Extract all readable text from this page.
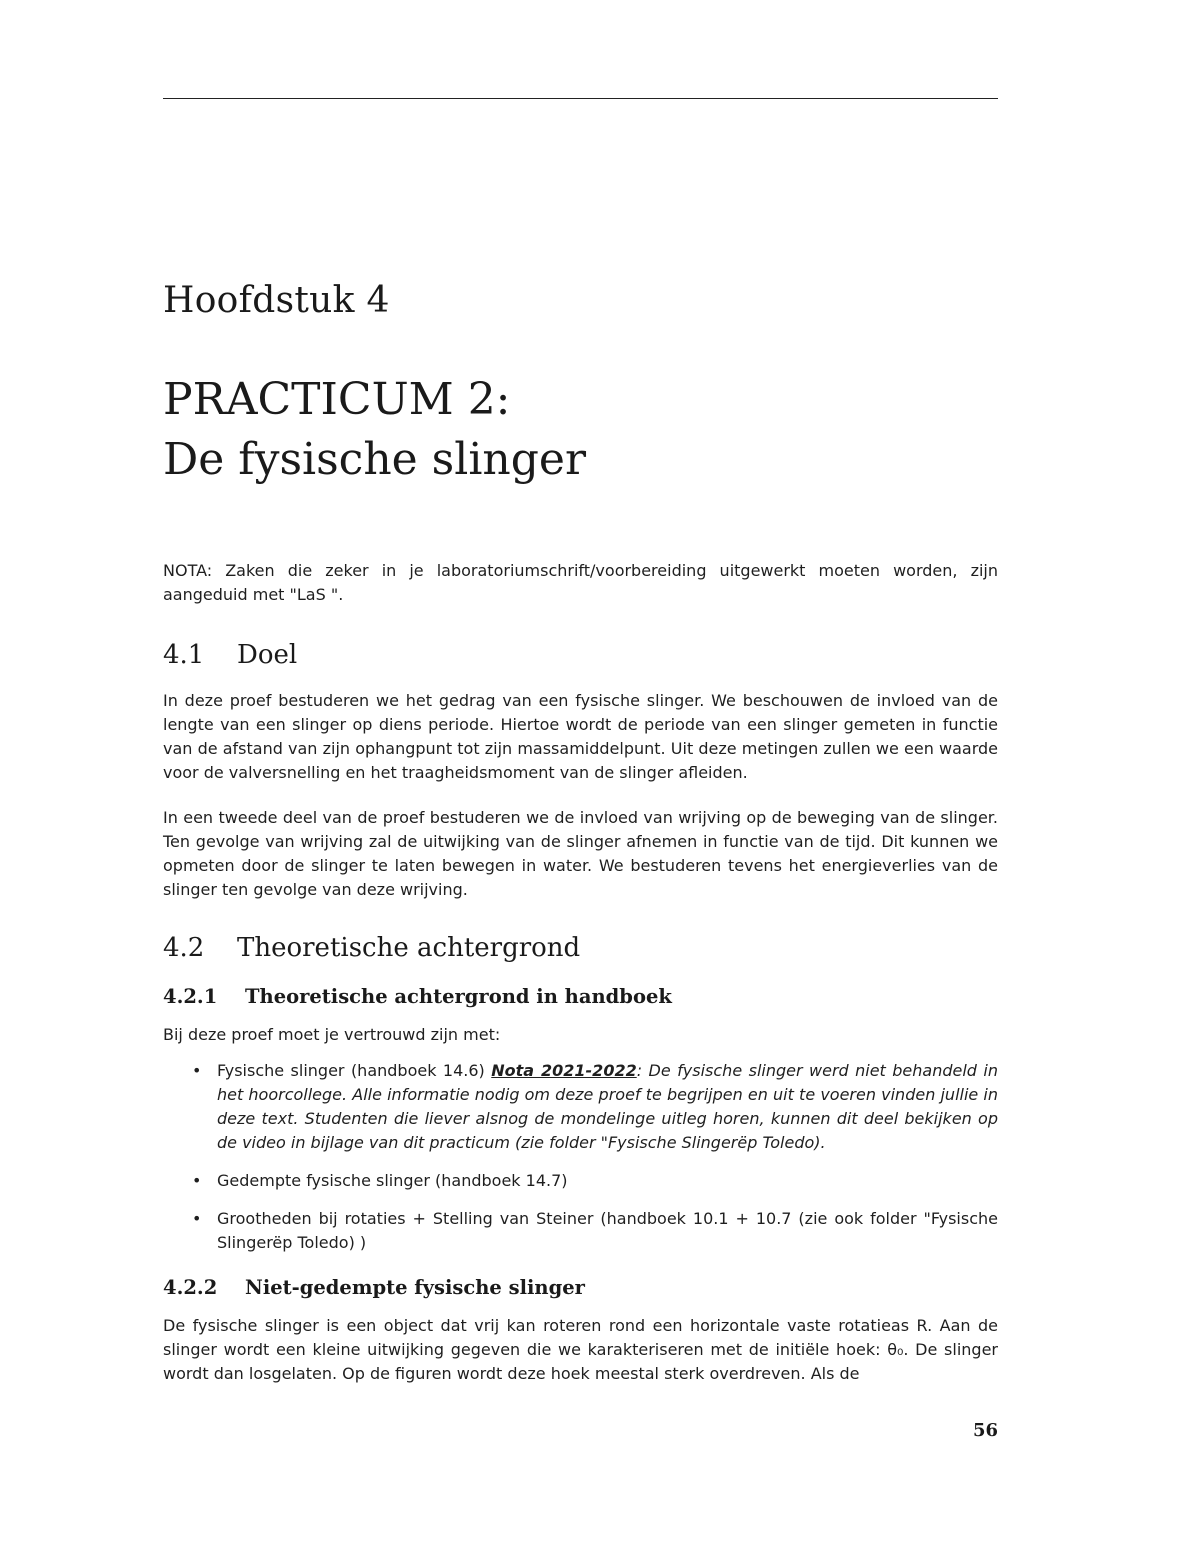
Hoofdstuk 4
PRACTICUM 2:
De fysische slinger

NOTA: Zaken die zeker in je laboratoriumschrift/voorbereiding uitgewerkt moeten worden, zijn aangeduid met "LaS ".

4.1 Doel

In deze proef bestuderen we het gedrag van een fysische slinger. We beschouwen de invloed van de lengte van een slinger op diens periode. Hiertoe wordt de periode van een slinger gemeten in functie van de afstand van zijn ophangpunt tot zijn massamiddelpunt. Uit deze metingen zullen we een waarde voor de valversnelling en het traagheidsmoment van de slinger afleiden.

In een tweede deel van de proef bestuderen we de invloed van wrijving op de beweging van de slinger. Ten gevolge van wrijving zal de uitwijking van de slinger afnemen in functie van de tijd. Dit kunnen we opmeten door de slinger te laten bewegen in water. We bestuderen tevens het energieverlies van de slinger ten gevolge van deze wrijving.

4.2 Theoretische achtergrond
4.2.1 Theoretische achtergrond in handboek

Bij deze proef moet je vertrouwd zijn met:

• Fysische slinger (handboek 14.6) Nota 2021-2022: De fysische slinger werd niet behandeld in het hoorcollege. Alle informatie nodig om deze proef te begrijpen en uit te voeren vinden jullie in deze text. Studenten die liever alsnog de mondelinge uitleg horen, kunnen dit deel bekijken op de video in bijlage van dit practicum (zie folder "Fysische Slingerëp Toledo).
• Gedempte fysische slinger (handboek 14.7)
• Grootheden bij rotaties + Stelling van Steiner (handboek 10.1 + 10.7 (zie ook folder "Fysische Slingerëp Toledo) )
4.2.2 Niet-gedempte fysische slinger

De fysische slinger is een object dat vrij kan roteren rond een horizontale vaste rotatieas R. Aan de slinger wordt een kleine uitwijking gegeven die we karakteriseren met de initiële hoek: θ₀. De slinger wordt dan losgelaten. Op de figuren wordt deze hoek meestal sterk overdreven. Als de

56
